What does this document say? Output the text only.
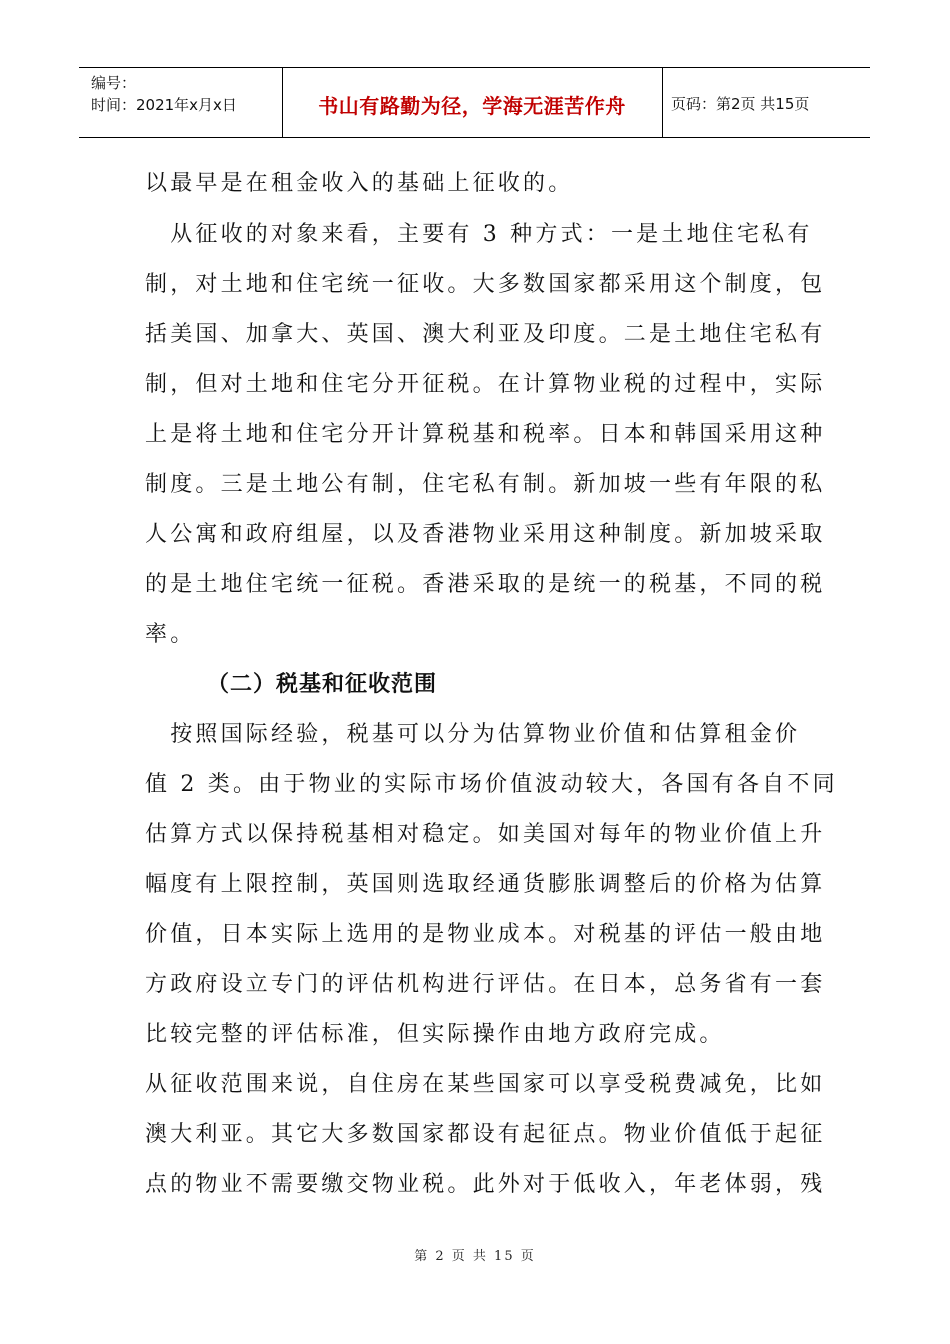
编号：
时间：2021年x月x日	书山有路勤为径，学海无涯苦作舟	页码：第2页 共15页
以最早是在租金收入的基础上征收的。
　从征收的对象来看，主要有 3 种方式：一是土地住宅私有
制，对土地和住宅统一征收。大多数国家都采用这个制度，包
括美国、加拿大、英国、澳大利亚及印度。二是土地住宅私有
制，但对土地和住宅分开征税。在计算物业税的过程中，实际
上是将土地和住宅分开计算税基和税率。日本和韩国采用这种
制度。三是土地公有制，住宅私有制。新加坡一些有年限的私
人公寓和政府组屋，以及香港物业采用这种制度。新加坡采取
的是土地住宅统一征税。香港采取的是统一的税基，不同的税
率。
（二）税基和征收范围
　按照国际经验，税基可以分为估算物业价值和估算租金价
值 2 类。由于物业的实际市场价值波动较大，各国有各自不同
估算方式以保持税基相对稳定。如美国对每年的物业价值上升
幅度有上限控制，英国则选取经通货膨胀调整后的价格为估算
价值，日本实际上选用的是物业成本。对税基的评估一般由地
方政府设立专门的评估机构进行评估。在日本，总务省有一套
比较完整的评估标准，但实际操作由地方政府完成。
从征收范围来说，自住房在某些国家可以享受税费减免，比如
澳大利亚。其它大多数国家都设有起征点。物业价值低于起征
点的物业不需要缴交物业税。此外对于低收入，年老体弱，残
第 2 页 共 15 页
